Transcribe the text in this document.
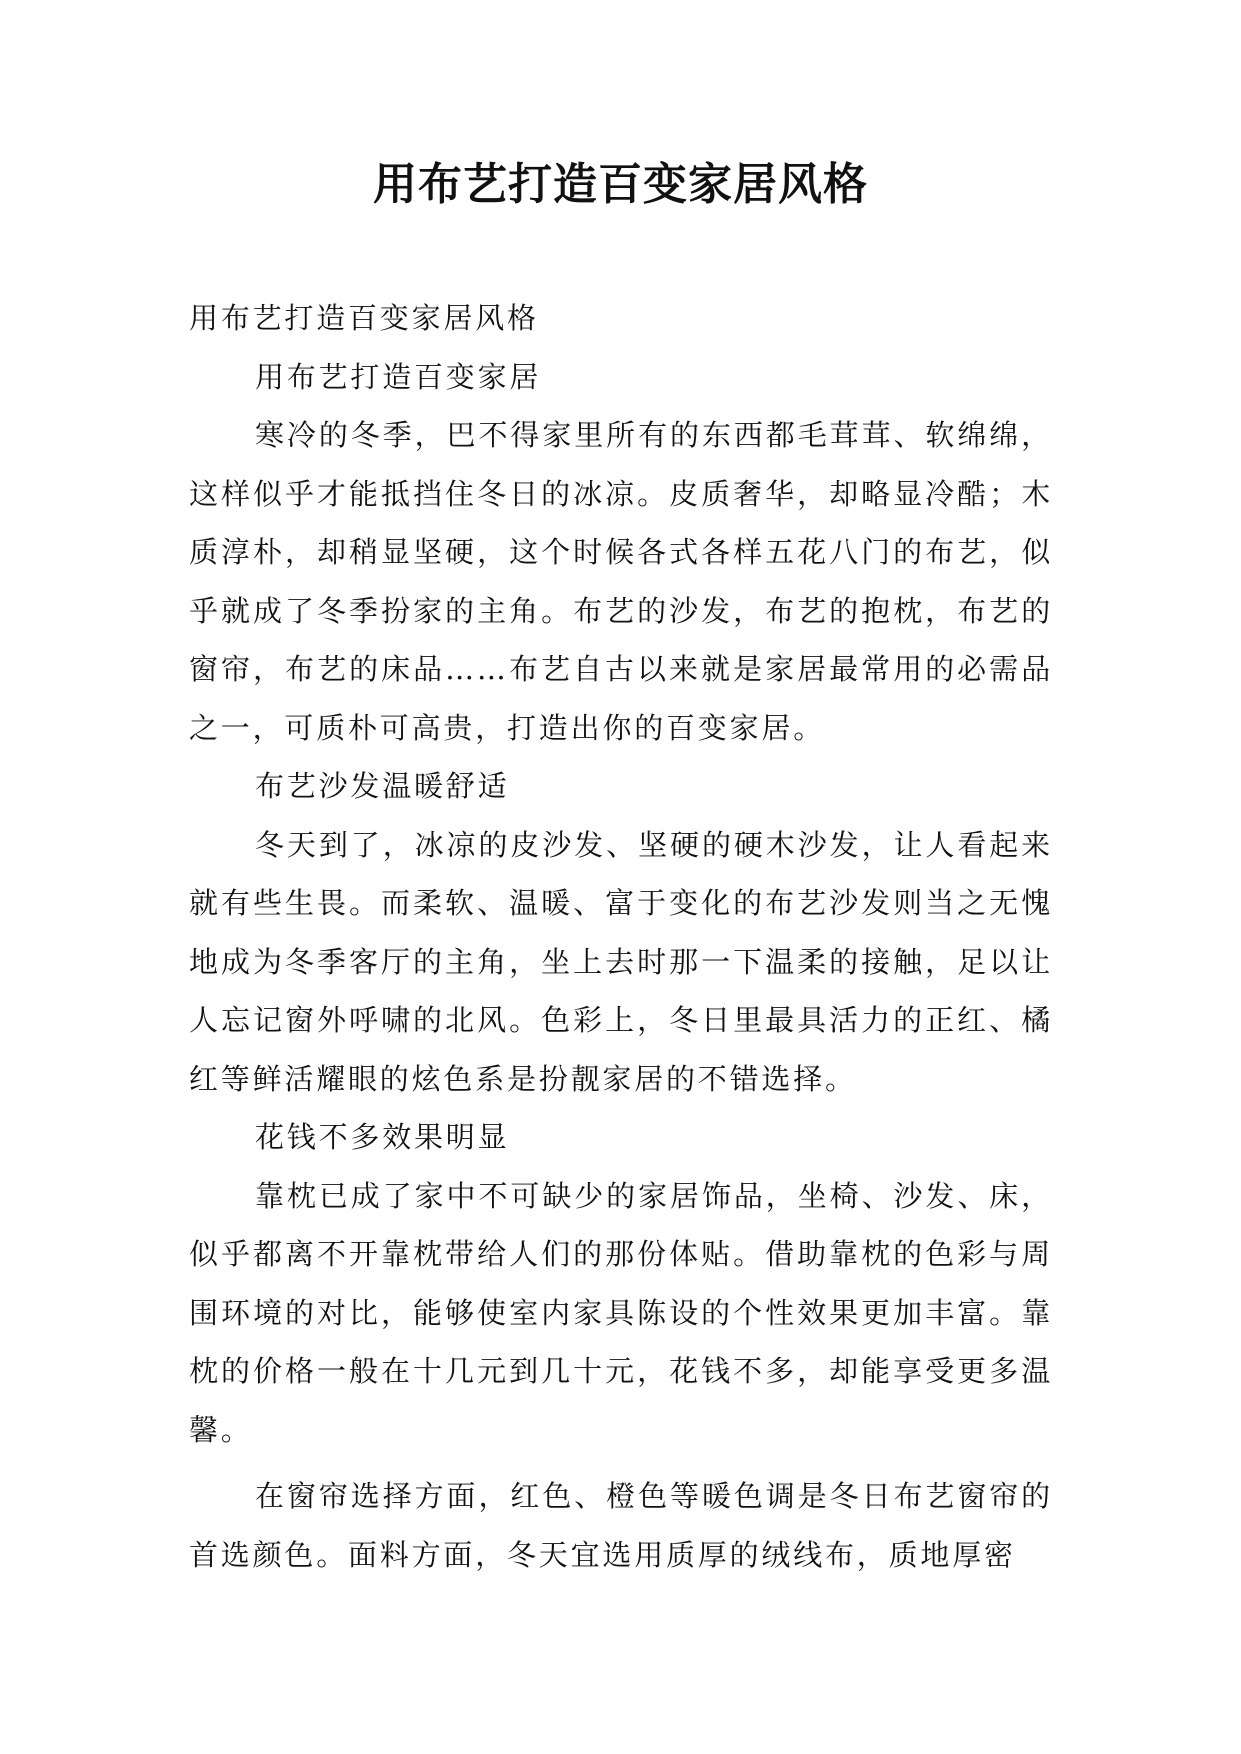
用布艺打造百变家居风格

用布艺打造百变家居风格

用布艺打造百变家居

寒冷的冬季，巴不得家里所有的东西都毛茸茸、软绵绵，这样似乎才能抵挡住冬日的冰凉。皮质奢华，却略显冷酷；木质淳朴，却稍显坚硬，这个时候各式各样五花八门的布艺，似乎就成了冬季扮家的主角。布艺的沙发，布艺的抱枕，布艺的窗帘，布艺的床品……布艺自古以来就是家居最常用的必需品之一，可质朴可高贵，打造出你的百变家居。

布艺沙发温暖舒适

冬天到了，冰凉的皮沙发、坚硬的硬木沙发，让人看起来就有些生畏。而柔软、温暖、富于变化的布艺沙发则当之无愧地成为冬季客厅的主角，坐上去时那一下温柔的接触，足以让人忘记窗外呼啸的北风。色彩上，冬日里最具活力的正红、橘红等鲜活耀眼的炫色系是扮靓家居的不错选择。

花钱不多效果明显

靠枕已成了家中不可缺少的家居饰品，坐椅、沙发、床，似乎都离不开靠枕带给人们的那份体贴。借助靠枕的色彩与周围环境的对比，能够使室内家具陈设的个性效果更加丰富。靠枕的价格一般在十几元到几十元，花钱不多，却能享受更多温馨。

在窗帘选择方面，红色、橙色等暖色调是冬日布艺窗帘的首选颜色。面料方面，冬天宜选用质厚的绒线布，质地厚密
